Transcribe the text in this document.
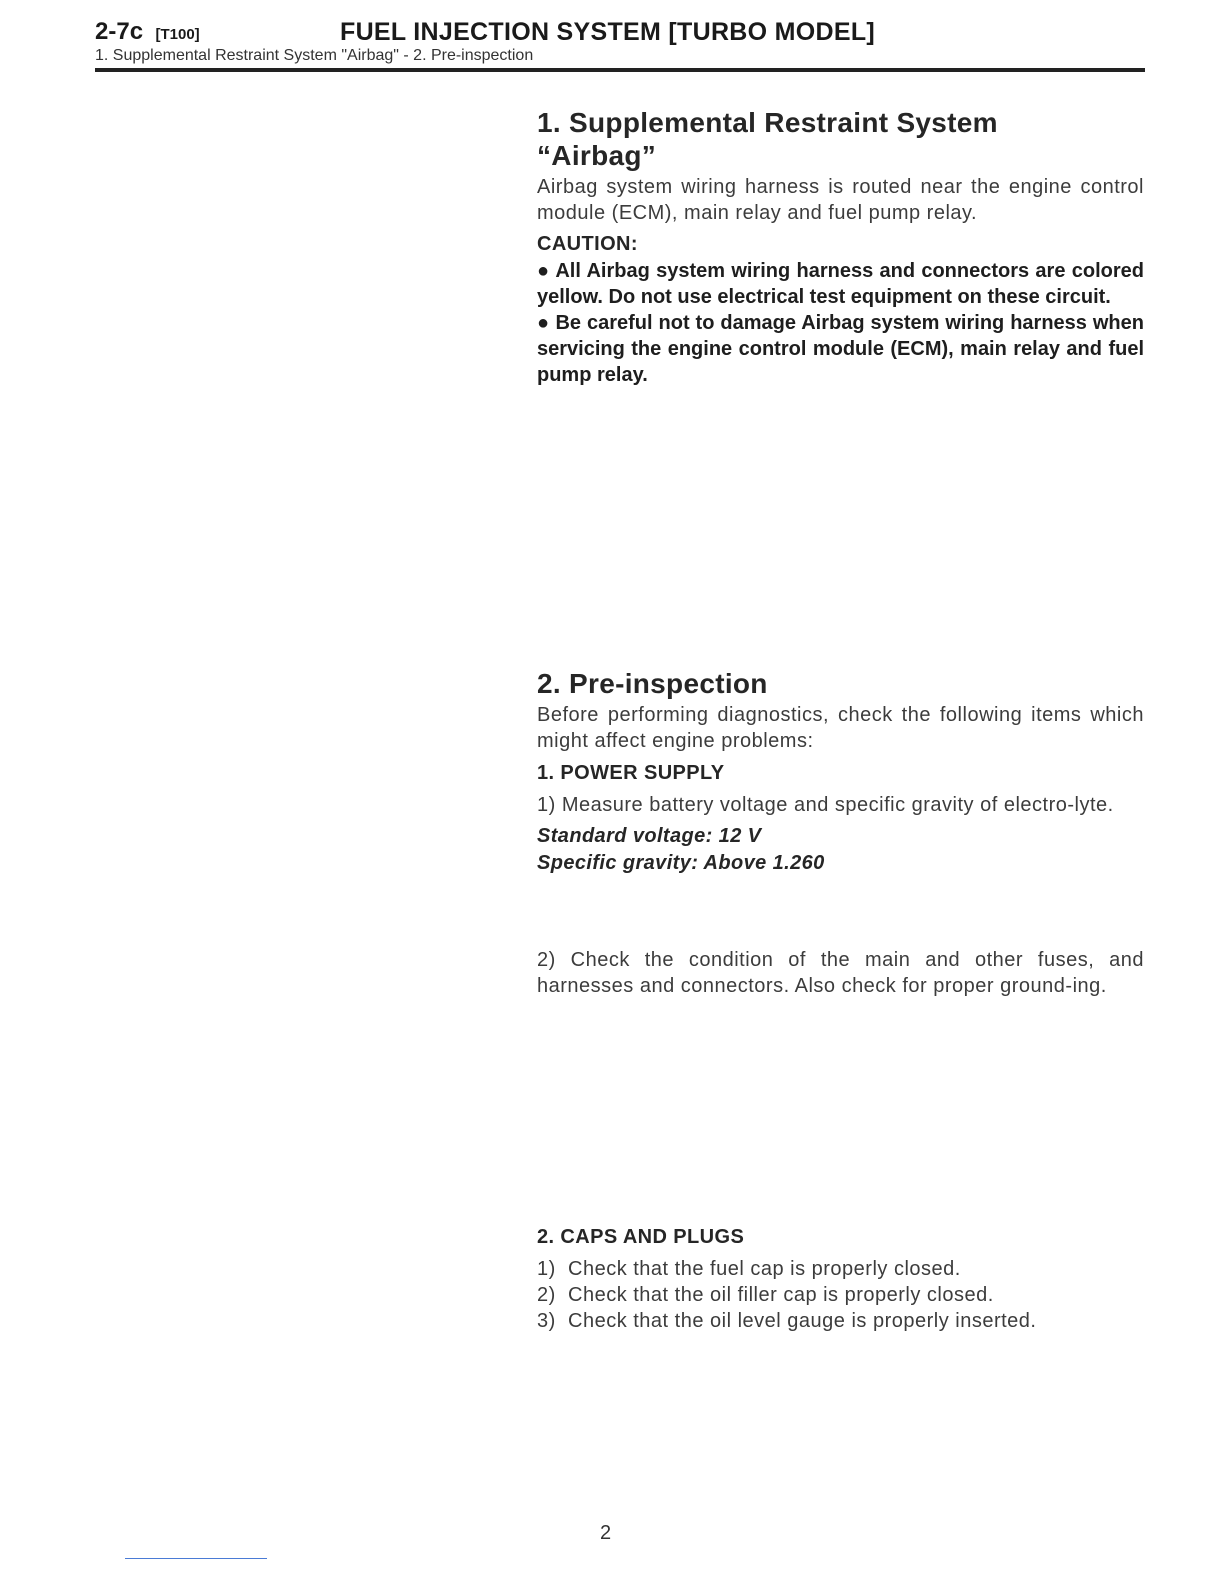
2-7c [T100]	FUEL INJECTION SYSTEM [TURBO MODEL]
1. Supplemental Restraint System "Airbag" - 2. Pre-inspection
1. Supplemental Restraint System
“Airbag”

Airbag system wiring harness is routed near the engine control module (ECM), main relay and fuel pump relay.

CAUTION:

● All Airbag system wiring harness and connectors are colored yellow. Do not use electrical test equipment on these circuit.

● Be careful not to damage Airbag system wiring harness when servicing the engine control module (ECM), main relay and fuel pump relay.

2. Pre-inspection

Before performing diagnostics, check the following items which might affect engine problems:

1. POWER SUPPLY

1) Measure battery voltage and specific gravity of electro-lyte.

Standard voltage: 12 V
Specific gravity: Above 1.260

2) Check the condition of the main and other fuses, and harnesses and connectors. Also check for proper ground-ing.

2. CAPS AND PLUGS
1) Check that the fuel cap is properly closed.
2) Check that the oil filler cap is properly closed.
3) Check that the oil level gauge is properly inserted.
2
